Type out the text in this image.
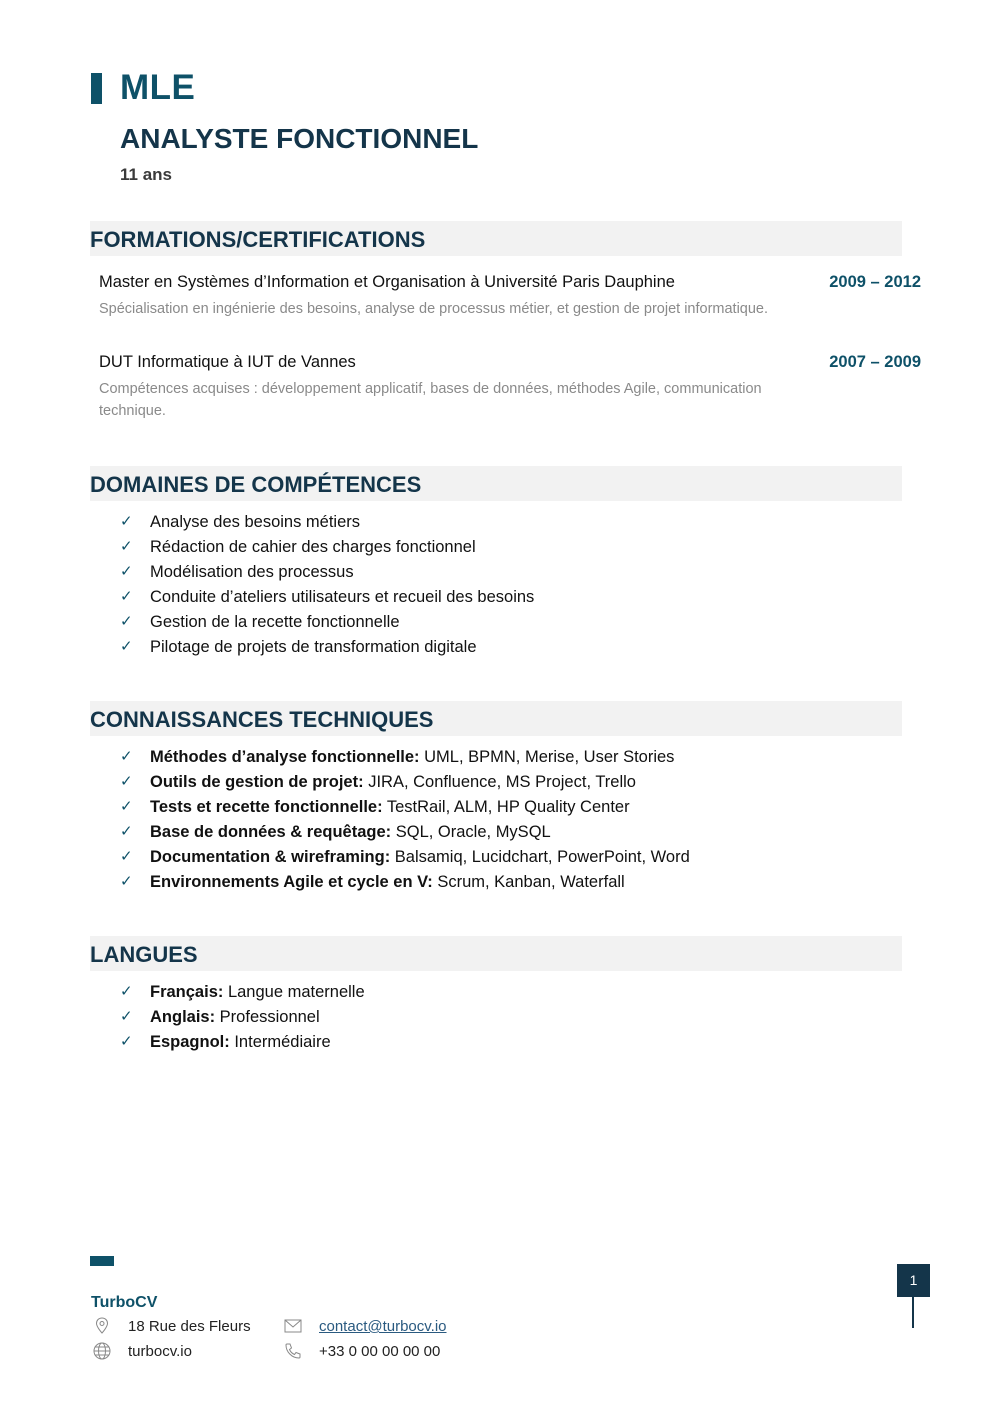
MLE
ANALYSTE FONCTIONNEL
11 ans
FORMATIONS/CERTIFICATIONS
Master en Systèmes d’Information et Organisation à Université Paris Dauphine	2009 – 2012
Spécialisation en ingénierie des besoins, analyse de processus métier, et gestion de projet informatique.
DUT Informatique à IUT de Vannes	2007 – 2009
Compétences acquises : développement applicatif, bases de données, méthodes Agile, communication technique.
DOMAINES DE COMPÉTENCES
✓ Analyse des besoins métiers
✓ Rédaction de cahier des charges fonctionnel
✓ Modélisation des processus
✓ Conduite d’ateliers utilisateurs et recueil des besoins
✓ Gestion de la recette fonctionnelle
✓ Pilotage de projets de transformation digitale
CONNAISSANCES TECHNIQUES
✓ Méthodes d’analyse fonctionnelle: UML, BPMN, Merise, User Stories
✓ Outils de gestion de projet: JIRA, Confluence, MS Project, Trello
✓ Tests et recette fonctionnelle: TestRail, ALM, HP Quality Center
✓ Base de données & requêtage: SQL, Oracle, MySQL
✓ Documentation & wireframing: Balsamiq, Lucidchart, PowerPoint, Word
✓ Environnements Agile et cycle en V: Scrum, Kanban, Waterfall
LANGUES
✓ Français: Langue maternelle
✓ Anglais: Professionnel
✓ Espagnol: Intermédiaire
TurboCV
18 Rue des Fleurs
turbocv.io
contact@turbocv.io
+33 0 00 00 00 00
1
